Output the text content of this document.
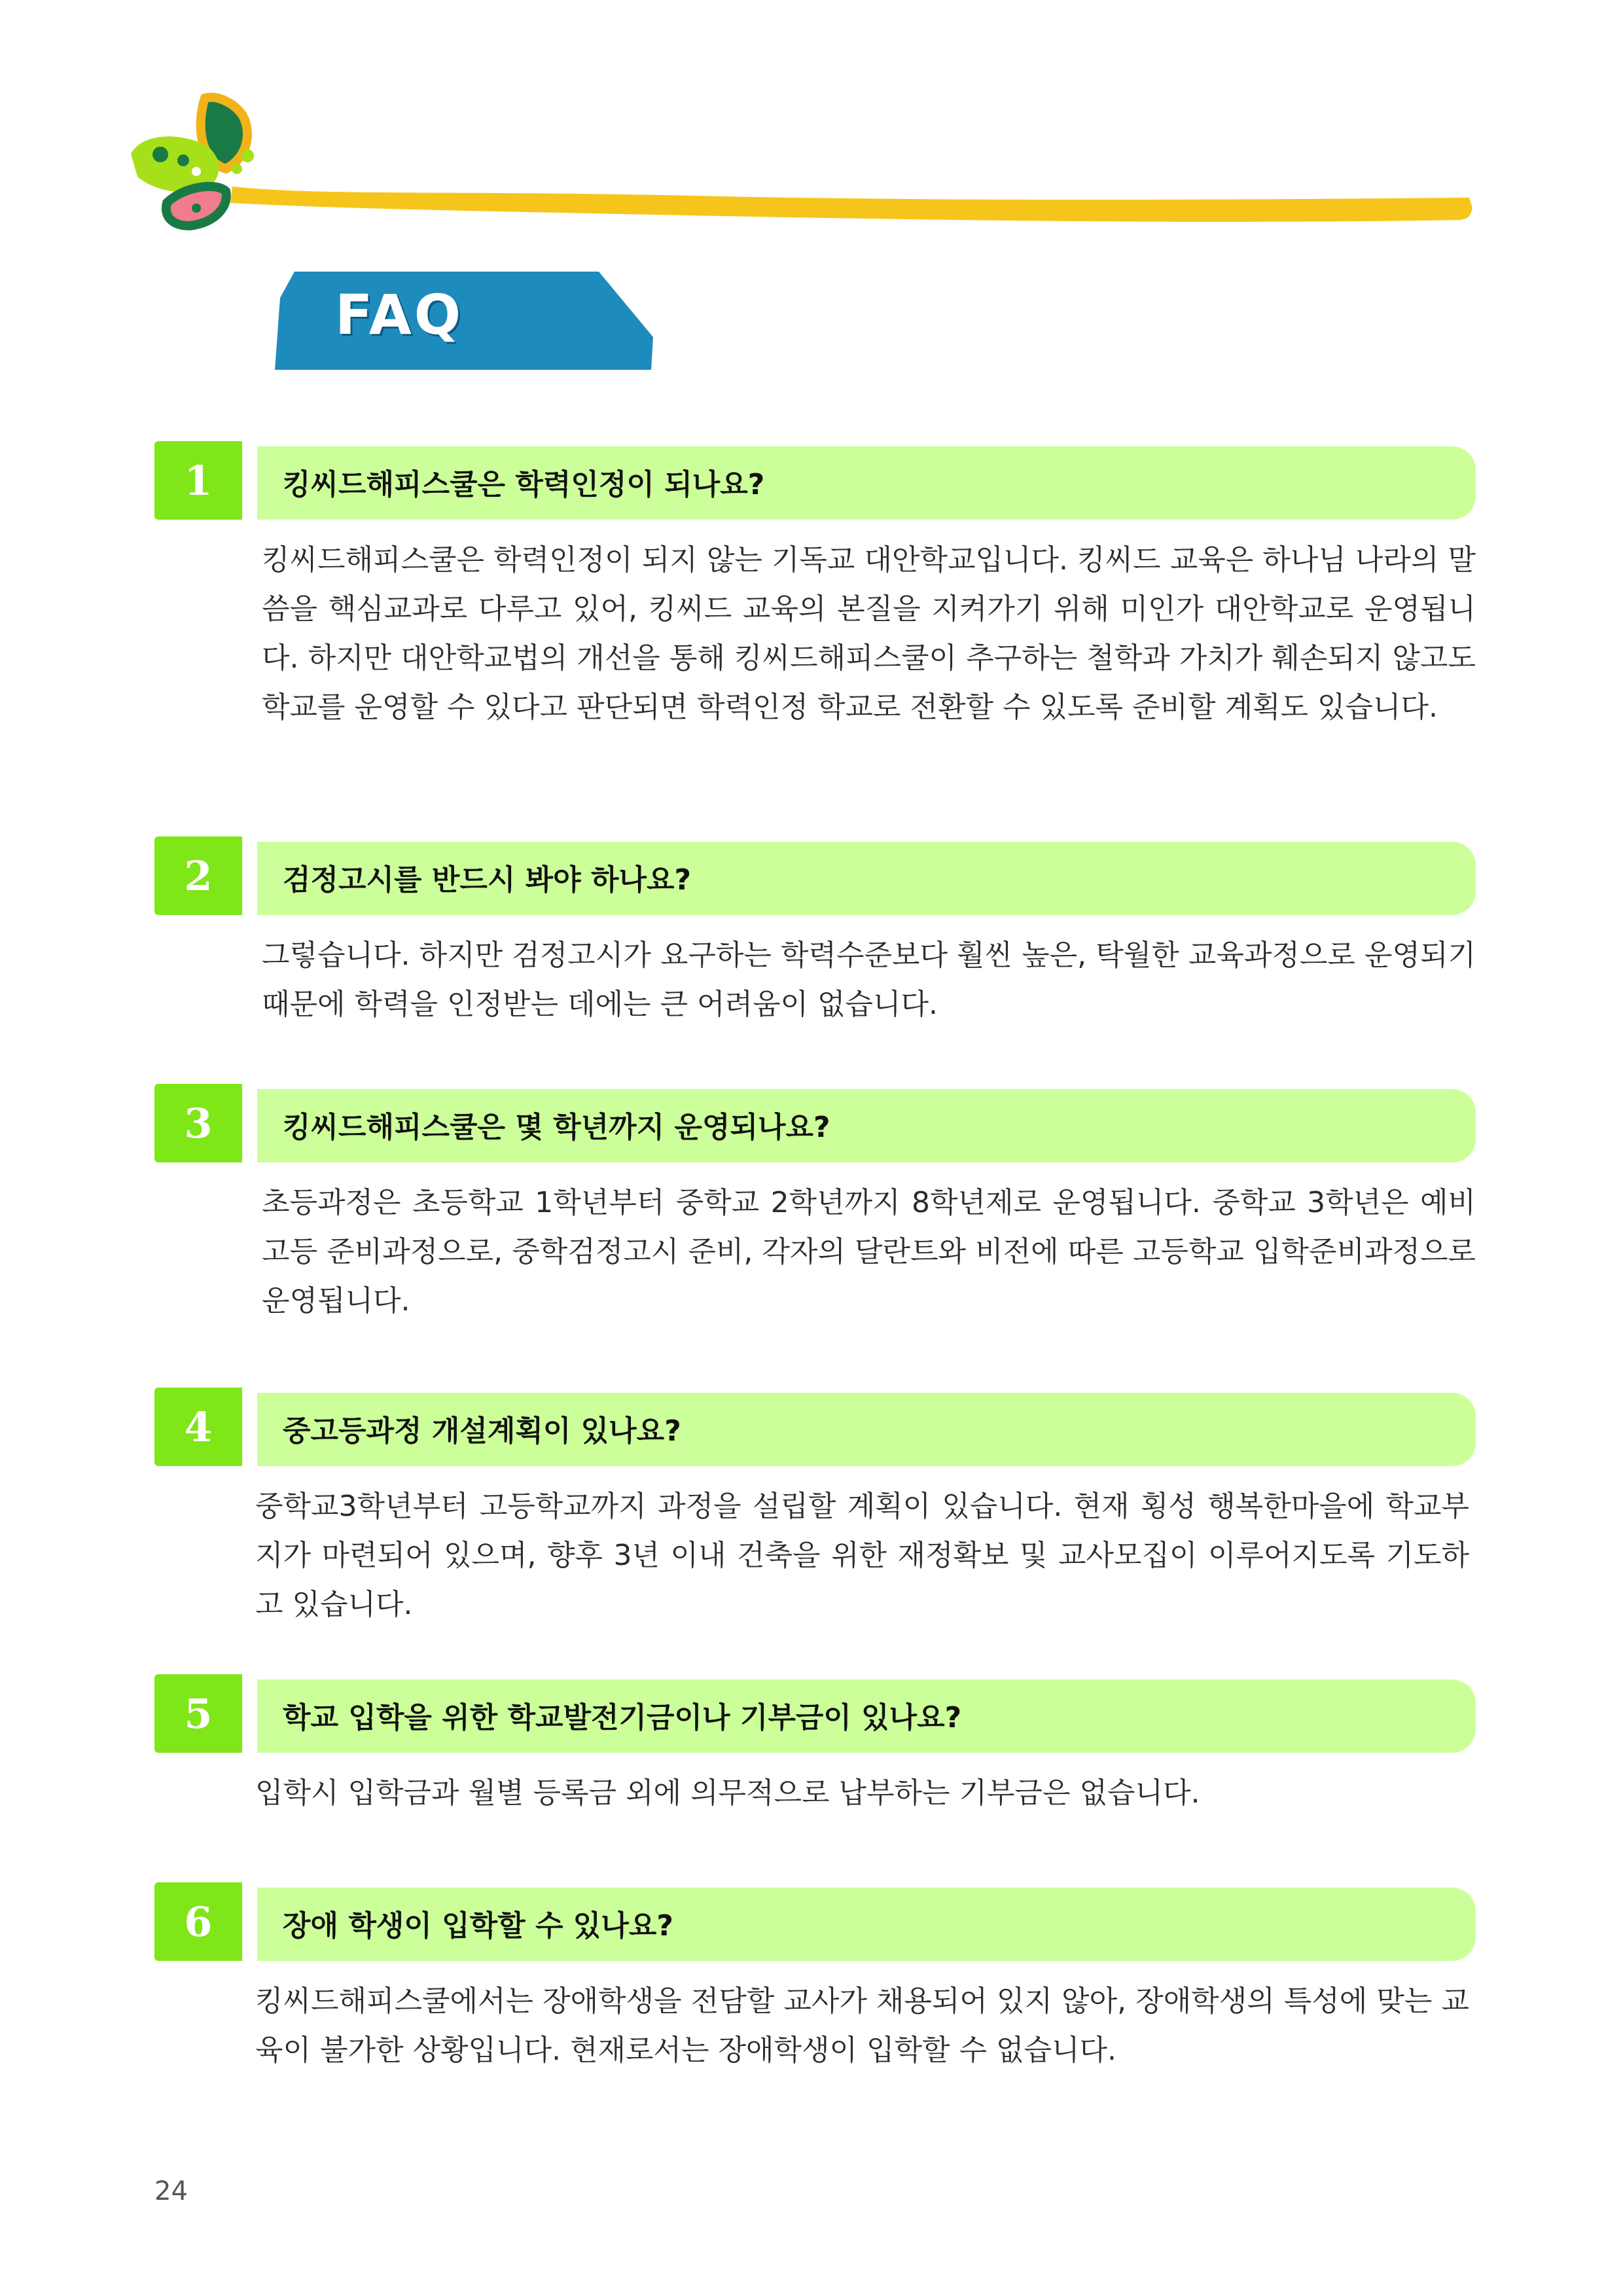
FAQ
1	킹씨드해피스쿨은 학력인정이 되나요?

킹씨드해피스쿨은 학력인정이 되지 않는 기독교 대안학교입니다. 킹씨드 교육은 하나님 나라의 말씀을 핵심교과로 다루고 있어, 킹씨드 교육의 본질을 지켜가기 위해 미인가 대안학교로 운영됩니다. 하지만 대안학교법의 개선을 통해 킹씨드해피스쿨이 추구하는 철학과 가치가 훼손되지 않고도 학교를 운영할 수 있다고 판단되면 학력인정 학교로 전환할 수 있도록 준비할 계획도 있습니다.

2	검정고시를 반드시 봐야 하나요?

그렇습니다. 하지만 검정고시가 요구하는 학력수준보다 훨씬 높은, 탁월한 교육과정으로 운영되기 때문에 학력을 인정받는 데에는 큰 어려움이 없습니다.

3	킹씨드해피스쿨은 몇 학년까지 운영되나요?

초등과정은 초등학교 1학년부터 중학교 2학년까지 8학년제로 운영됩니다. 중학교 3학년은 예비고등 준비과정으로, 중학검정고시 준비, 각자의 달란트와 비전에 따른 고등학교 입학준비과정으로 운영됩니다.

4	중고등과정 개설계획이 있나요?

중학교3학년부터 고등학교까지 과정을 설립할 계획이 있습니다. 현재 횡성 행복한마을에 학교부지가 마련되어 있으며, 향후 3년 이내 건축을 위한 재정확보 및 교사모집이 이루어지도록 기도하고 있습니다.

5	학교 입학을 위한 학교발전기금이나 기부금이 있나요?

입학시 입학금과 월별 등록금 외에 의무적으로 납부하는 기부금은 없습니다.

6	장애 학생이 입학할 수 있나요?

킹씨드해피스쿨에서는 장애학생을 전담할 교사가 채용되어 있지 않아, 장애학생의 특성에 맞는 교육이 불가한 상황입니다. 현재로서는 장애학생이 입학할 수 없습니다.

24
